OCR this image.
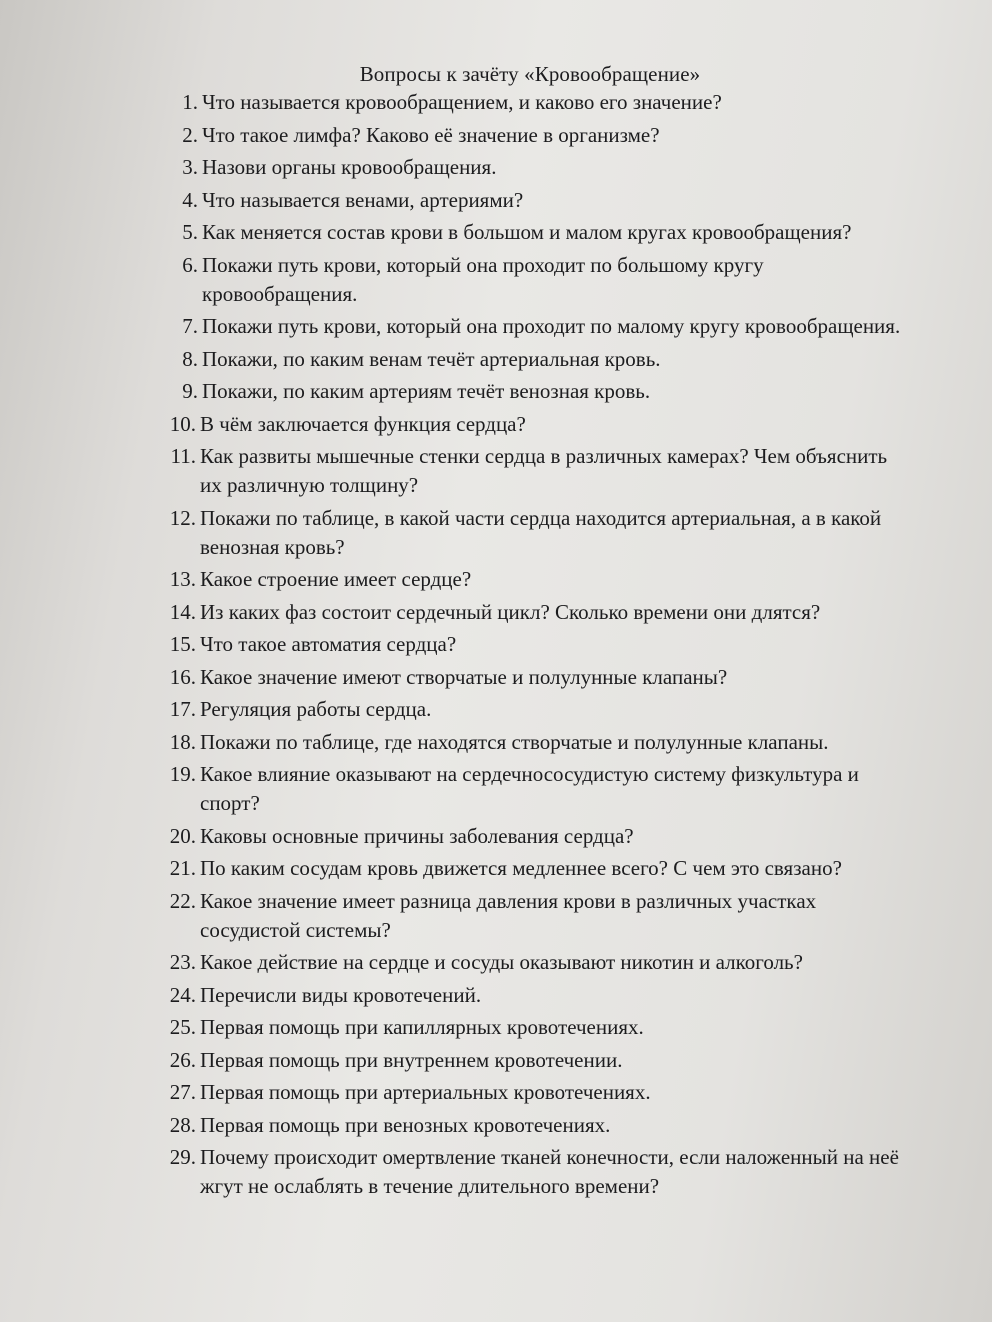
Вопросы к зачёту «Кровообращение»
1. Что называется кровообращением, и каково его значение?
2. Что такое лимфа? Каково её значение в организме?
3. Назови органы кровообращения.
4. Что называется венами, артериями?
5. Как меняется состав крови в большом и малом кругах кровообращения?
6. Покажи путь крови, который она проходит по большому кругу кровообращения.
7. Покажи путь крови, который она проходит по малому кругу кровообращения.
8. Покажи, по каким венам течёт артериальная кровь.
9. Покажи, по каким артериям течёт венозная кровь.
10. В чём заключается функция сердца?
11. Как развиты мышечные стенки сердца в различных камерах? Чем объяснить их различную толщину?
12. Покажи по таблице, в какой части сердца находится артериальная, а в какой венозная кровь?
13. Какое строение имеет сердце?
14. Из каких фаз состоит сердечный цикл? Сколько времени они длятся?
15. Что такое автоматия сердца?
16. Какое значение имеют створчатые и полулунные клапаны?
17. Регуляция работы сердца.
18. Покажи по таблице, где находятся створчатые и полулунные клапаны.
19. Какое влияние оказывают на сердечнососудистую систему физкультура и спорт?
20. Каковы основные причины заболевания сердца?
21. По каким сосудам кровь движется медленнее всего? С чем это связано?
22. Какое значение имеет разница давления крови в различных участках сосудистой системы?
23. Какое действие на сердце и сосуды оказывают никотин и алкоголь?
24. Перечисли виды кровотечений.
25. Первая помощь при капиллярных кровотечениях.
26. Первая помощь при внутреннем кровотечении.
27. Первая помощь при артериальных кровотечениях.
28. Первая помощь при венозных кровотечениях.
29. Почему происходит омертвление тканей конечности, если наложенный на неё жгут не ослаблять в течение длительного времени?
